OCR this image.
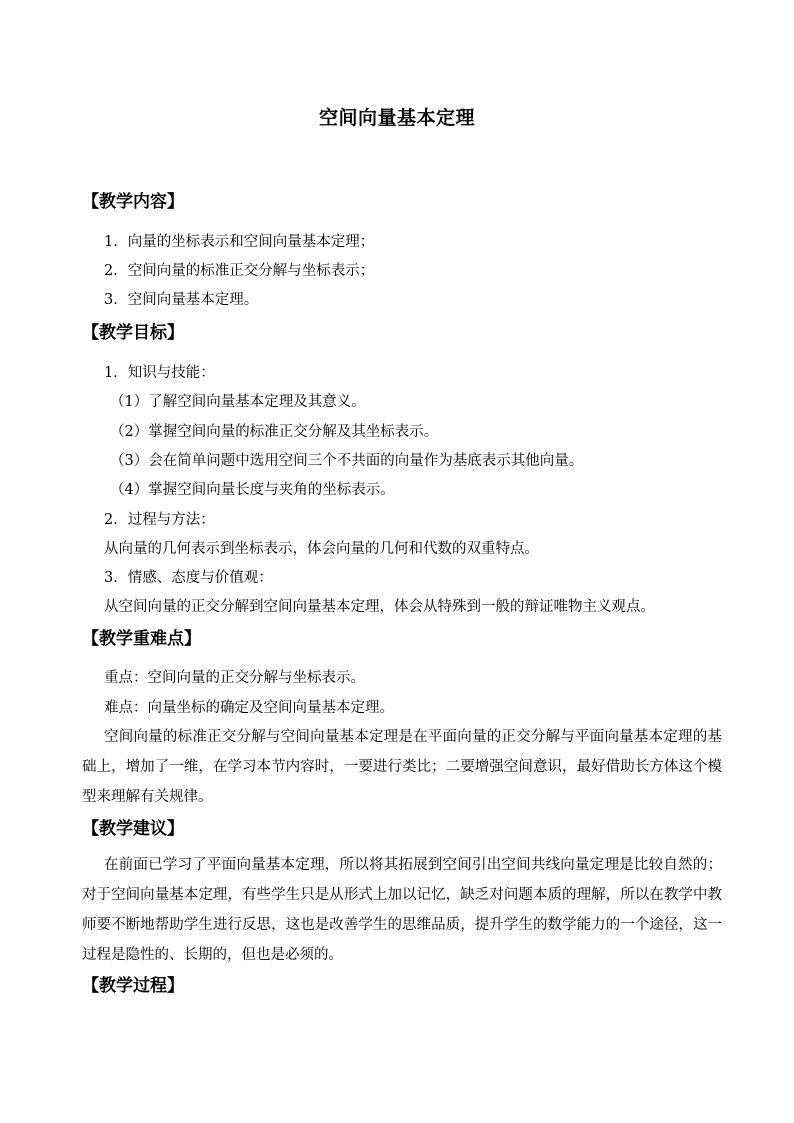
空间向量基本定理
【教学内容】
1．向量的坐标表示和空间向量基本定理；
2．空间向量的标准正交分解与坐标表示；
3．空间向量基本定理。
【教学目标】
1．知识与技能：
（1）了解空间向量基本定理及其意义。
（2）掌握空间向量的标准正交分解及其坐标表示。
（3）会在简单问题中选用空间三个不共面的向量作为基底表示其他向量。
（4）掌握空间向量长度与夹角的坐标表示。
2．过程与方法：
从向量的几何表示到坐标表示，体会向量的几何和代数的双重特点。
3．情感、态度与价值观：
从空间向量的正交分解到空间向量基本定理，体会从特殊到一般的辩证唯物主义观点。
【教学重难点】
重点：空间向量的正交分解与坐标表示。
难点：向量坐标的确定及空间向量基本定理。
空间向量的标准正交分解与空间向量基本定理是在平面向量的正交分解与平面向量基本定理的基础上，增加了一维，在学习本节内容时，一要进行类比；二要增强空间意识，最好借助长方体这个模型来理解有关规律。
【教学建议】
在前面已学习了平面向量基本定理，所以将其拓展到空间引出空间共线向量定理是比较自然的；对于空间向量基本定理，有些学生只是从形式上加以记忆，缺乏对问题本质的理解，所以在教学中教师要不断地帮助学生进行反思，这也是改善学生的思维品质，提升学生的数学能力的一个途径，这一过程是隐性的、长期的，但也是必须的。
【教学过程】
